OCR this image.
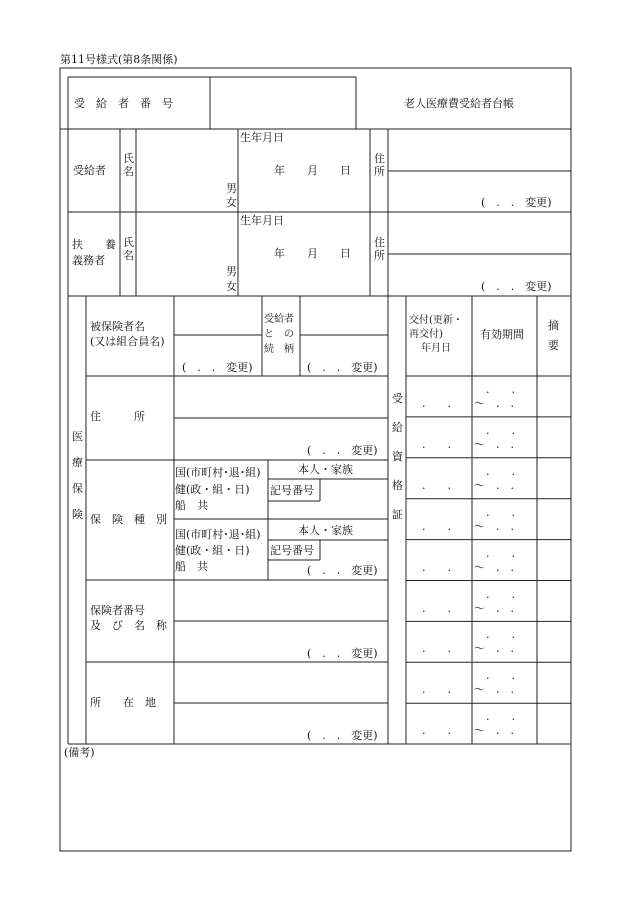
第11号様式(第8条関係)
受　給　者　番　号	老人医療費受給者台帳
受給者
氏名
生年月日
年　　月　　日
男
女
住所
(　.　.　変更)
扶　　養
義務者
氏名
生年月日
年　　月　　日
男
女
住所
(　.　.　変更)
医療保険
被保険者名
(又は組合員名)
受給者
と　の
続　柄
(　.　.　変更)	(　.　.　変更)
住　　　所
(　.　.　変更)
保　険　種　別
国(市町村･退･組)
健(政・組・日)
船　共
本人・家族
記号番号
国(市町村･退･組)
健(政・組・日)
船　共
本人・家族
記号番号
(　.　.　変更)
保険者番号
及　び　名　称
(　.　.　変更)
所　　在　地
(　.　.　変更)
受給資格証
交付(更新・
再交付)
年月日
有効期間
摘要
.　　.
.　　.
～　.　.
.　　.
.　　.
～　.　.
.　　.
.　　.
～　.　.
.　　.
.　　.
～　.　.
.　　.
.　　.
～　.　.
.　　.
.　　.
～　.　.
.　　.
.　　.
～　.　.
.　　.
.　　.
～　.　.
.　　.
.　　.
～　.　.
(備考)
